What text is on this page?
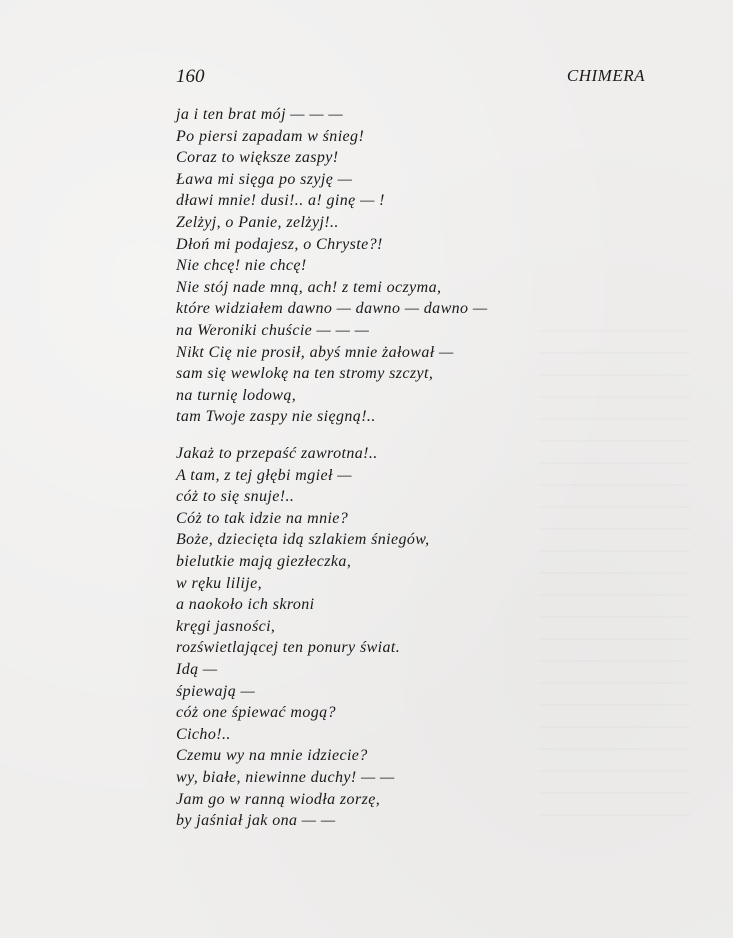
160	CHIMERA
ja i ten brat mój — — —
Po piersi zapadam w śnieg!
Coraz to większe zaspy!
Ława mi sięga po szyję —
dławi mnie! dusi!.. a! ginę — !
Zelżyj, o Panie, zelżyj!..
Dłoń mi podajesz, o Chryste?!
Nie chcę! nie chcę!
Nie stój nade mną, ach! z temi oczyma,
które widziałem dawno — dawno — dawno —
na Weroniki chuście — — —
Nikt Cię nie prosił, abyś mnie żałował —
sam się wewlokę na ten stromy szczyt,
na turnię lodową,
tam Twoje zaspy nie sięgną!..
Jakaż to przepaść zawrotna!..
A tam, z tej głębi mgieł —
cóż to się snuje!..
Cóż to tak idzie na mnie?
Boże, dziecięta idą szlakiem śniegów,
bielutkie mają giezłeczka,
w ręku lilije,
a naokoło ich skroni
kręgi jasności,
rozświetlającej ten ponury świat.
Idą —
śpiewają —
cóż one śpiewać mogą?
Cicho!..
Czemu wy na mnie idziecie?
wy, białe, niewinne duchy! — —
Jam go w ranną wiodła zorzę,
by jaśniał jak ona — —
